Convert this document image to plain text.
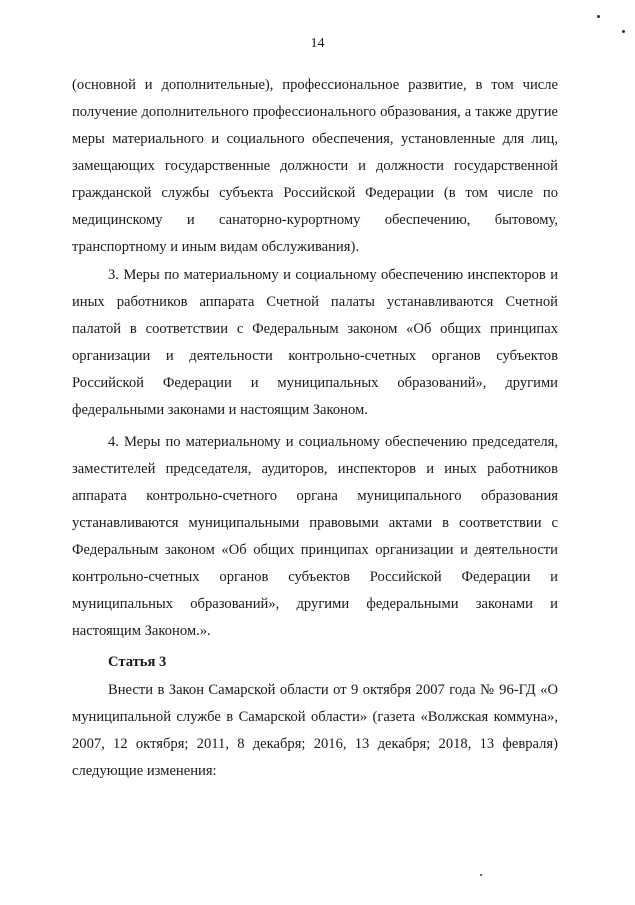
14

(основной и дополнительные), профессиональное развитие, в том числе получение дополнительного профессионального образования, а также другие меры материального и социального обеспечения, установленные для лиц, замещающих государственные должности и должности государственной гражданской службы субъекта Российской Федерации (в том числе по медицинскому и санаторно-курортному обеспечению, бытовому, транспортному и иным видам обслуживания).

3. Меры по материальному и социальному обеспечению инспекторов и иных работников аппарата Счетной палаты устанавливаются Счетной палатой в соответствии с Федеральным законом «Об общих принципах организации и деятельности контрольно-счетных органов субъектов Российской Федерации и муниципальных образований», другими федеральными законами и настоящим Законом.

4. Меры по материальному и социальному обеспечению председателя, заместителей председателя, аудиторов, инспекторов и иных работников аппарата контрольно-счетного органа муниципального образования устанавливаются муниципальными правовыми актами в соответствии с Федеральным законом «Об общих принципах организации и деятельности контрольно-счетных органов субъектов Российской Федерации и муниципальных образований», другими федеральными законами и настоящим Законом.».

Статья 3

Внести в Закон Самарской области от 9 октября 2007 года № 96-ГД «О муниципальной службе в Самарской области» (газета «Волжская коммуна», 2007, 12 октября; 2011, 8 декабря; 2016, 13 декабря; 2018, 13 февраля) следующие изменения:
